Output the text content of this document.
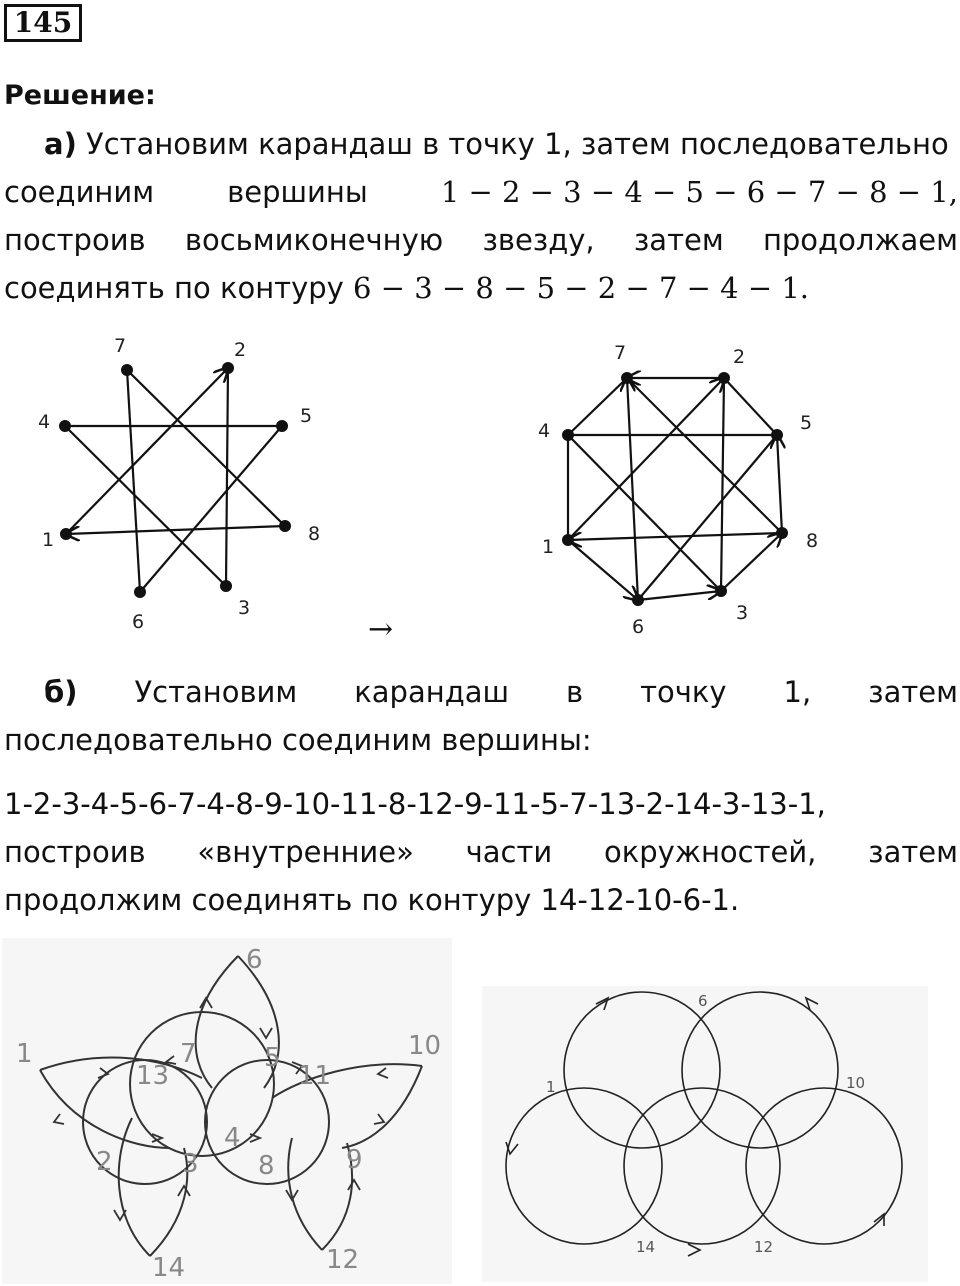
145
Решение:
а) Установим карандаш в точку 1, затем последовательно
соединим	вершины	1 − 2 − 3 − 4 − 5 − 6 − 7 − 8 − 1,
построив восьмиконечную звезду, затем продолжаем
соединять по контуру 6 − 3 − 8 − 5 − 2 − 7 − 4 − 1.
1
2
3
4	5
6
7
8
→
1
2
3
4	5
6
7
8
б) Установим карандаш в точку 1, затем
последовательно соединим вершины:
1-2-3-4-5-6-7-4-8-9-10-11-8-12-9-11-5-7-13-2-14-3-13-1,
построив «внутренние» части окружностей, затем
продолжим соединять по контуру 14-12-10-6-1.
1
2	3
4
5
6
7
8	9
10
11
12
13
14
1
6
10
12
14
